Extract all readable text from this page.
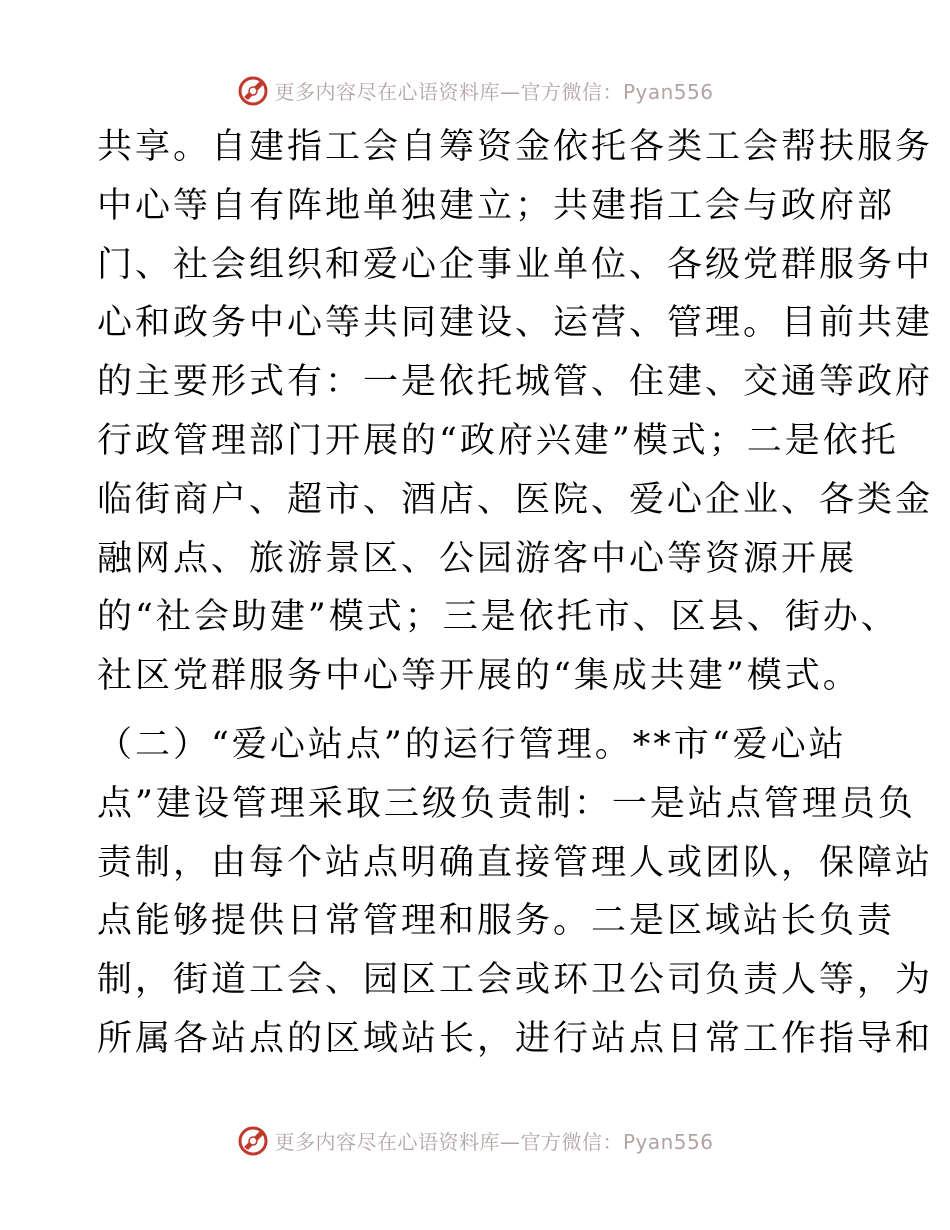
更多内容尽在心语资料库—官方微信：Pyan556
共享。自建指工会自筹资金依托各类工会帮扶服务
中心等自有阵地单独建立；共建指工会与政府部
门、社会组织和爱心企事业单位、各级党群服务中
心和政务中心等共同建设、运营、管理。目前共建
的主要形式有：一是依托城管、住建、交通等政府
行政管理部门开展的“政府兴建”模式；二是依托
临街商户、超市、酒店、医院、爱心企业、各类金
融网点、旅游景区、公园游客中心等资源开展
的“社会助建”模式；三是依托市、区县、街办、
社区党群服务中心等开展的“集成共建”模式。
（二）“爱心站点”的运行管理。**市“爱心站
点”建设管理采取三级负责制：一是站点管理员负
责制，由每个站点明确直接管理人或团队，保障站
点能够提供日常管理和服务。二是区域站长负责
制，街道工会、园区工会或环卫公司负责人等，为
所属各站点的区域站长，进行站点日常工作指导和
更多内容尽在心语资料库—官方微信：Pyan556
